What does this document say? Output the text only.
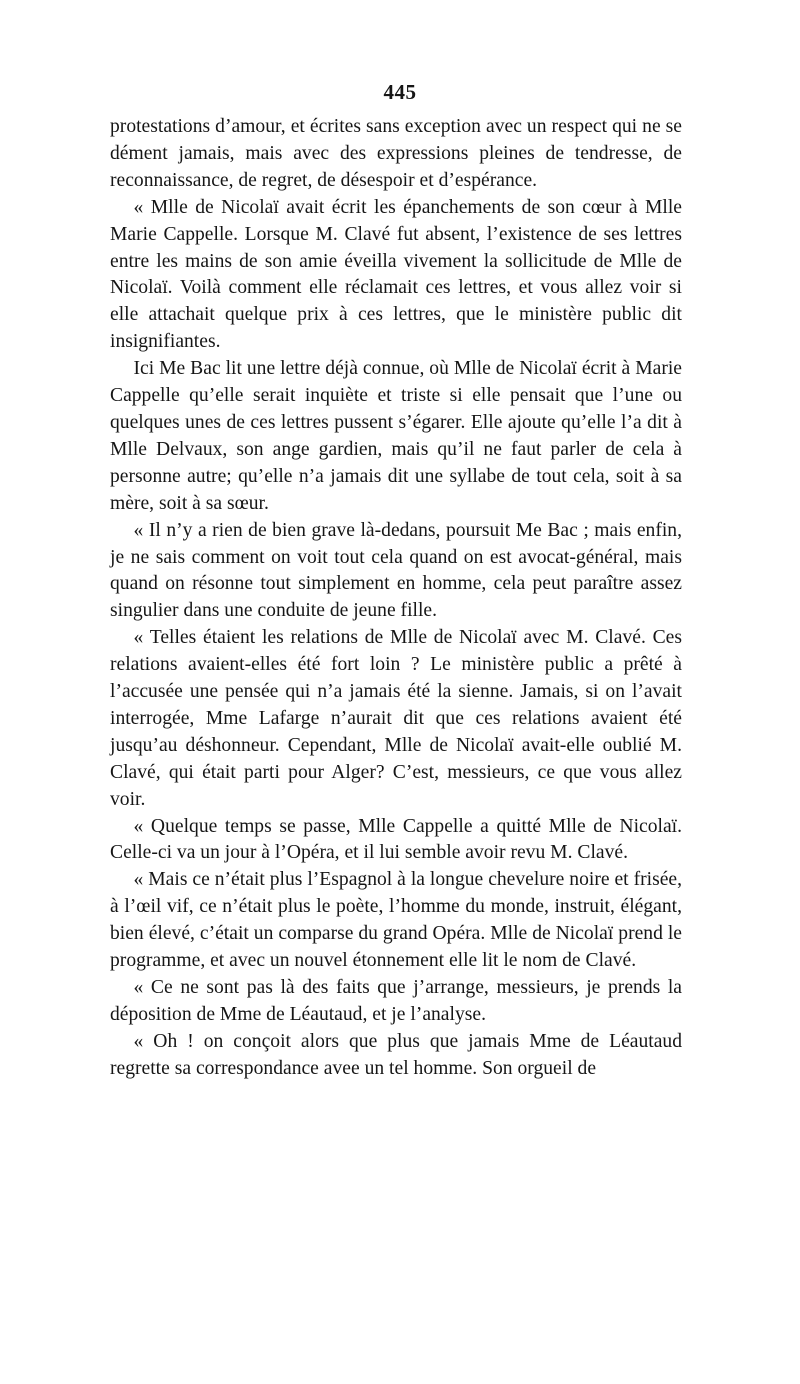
445

protestations d’amour, et écrites sans exception avec un respect qui ne se dément jamais, mais avec des expressions pleines de tendresse, de reconnaissance, de regret, de désespoir et d’espérance.

« Mlle de Nicolaï avait écrit les épanchements de son cœur à Mlle Marie Cappelle. Lorsque M. Clavé fut absent, l’existence de ses lettres entre les mains de son amie éveilla vivement la sollicitude de Mlle de Nicolaï. Voilà comment elle réclamait ces lettres, et vous allez voir si elle attachait quelque prix à ces lettres, que le ministère public dit insignifiantes.

Ici Me Bac lit une lettre déjà connue, où Mlle de Nicolaï écrit à Marie Cappelle qu’elle serait inquiète et triste si elle pensait que l’une ou quelques unes de ces lettres pussent s’égarer. Elle ajoute qu’elle l’a dit à Mlle Delvaux, son ange gardien, mais qu’il ne faut parler de cela à personne autre; qu’elle n’a jamais dit une syllabe de tout cela, soit à sa mère, soit à sa sœur.

« Il n’y a rien de bien grave là-dedans, poursuit Me Bac ; mais enfin, je ne sais comment on voit tout cela quand on est avocat-général, mais quand on résonne tout simplement en homme, cela peut paraître assez singulier dans une conduite de jeune fille.

« Telles étaient les relations de Mlle de Nicolaï avec M. Clavé. Ces relations avaient-elles été fort loin ? Le ministère public a prêté à l’accusée une pensée qui n’a jamais été la sienne. Jamais, si on l’avait interrogée, Mme Lafarge n’aurait dit que ces relations avaient été jusqu’au déshonneur. Cependant, Mlle de Nicolaï avait-elle oublié M. Clavé, qui était parti pour Alger? C’est, messieurs, ce que vous allez voir.

« Quelque temps se passe, Mlle Cappelle a quitté Mlle de Nicolaï. Celle-ci va un jour à l’Opéra, et il lui semble avoir revu M. Clavé.

« Mais ce n’était plus l’Espagnol à la longue chevelure noire et frisée, à l’œil vif, ce n’était plus le poète, l’homme du monde, instruit, élégant, bien élevé, c’était un comparse du grand Opéra. Mlle de Nicolaï prend le programme, et avec un nouvel étonnement elle lit le nom de Clavé.

« Ce ne sont pas là des faits que j’arrange, messieurs, je prends la déposition de Mme de Léautaud, et je l’analyse.

« Oh ! on conçoit alors que plus que jamais Mme de Léautaud regrette sa correspondance avee un tel homme. Son orgueil de
